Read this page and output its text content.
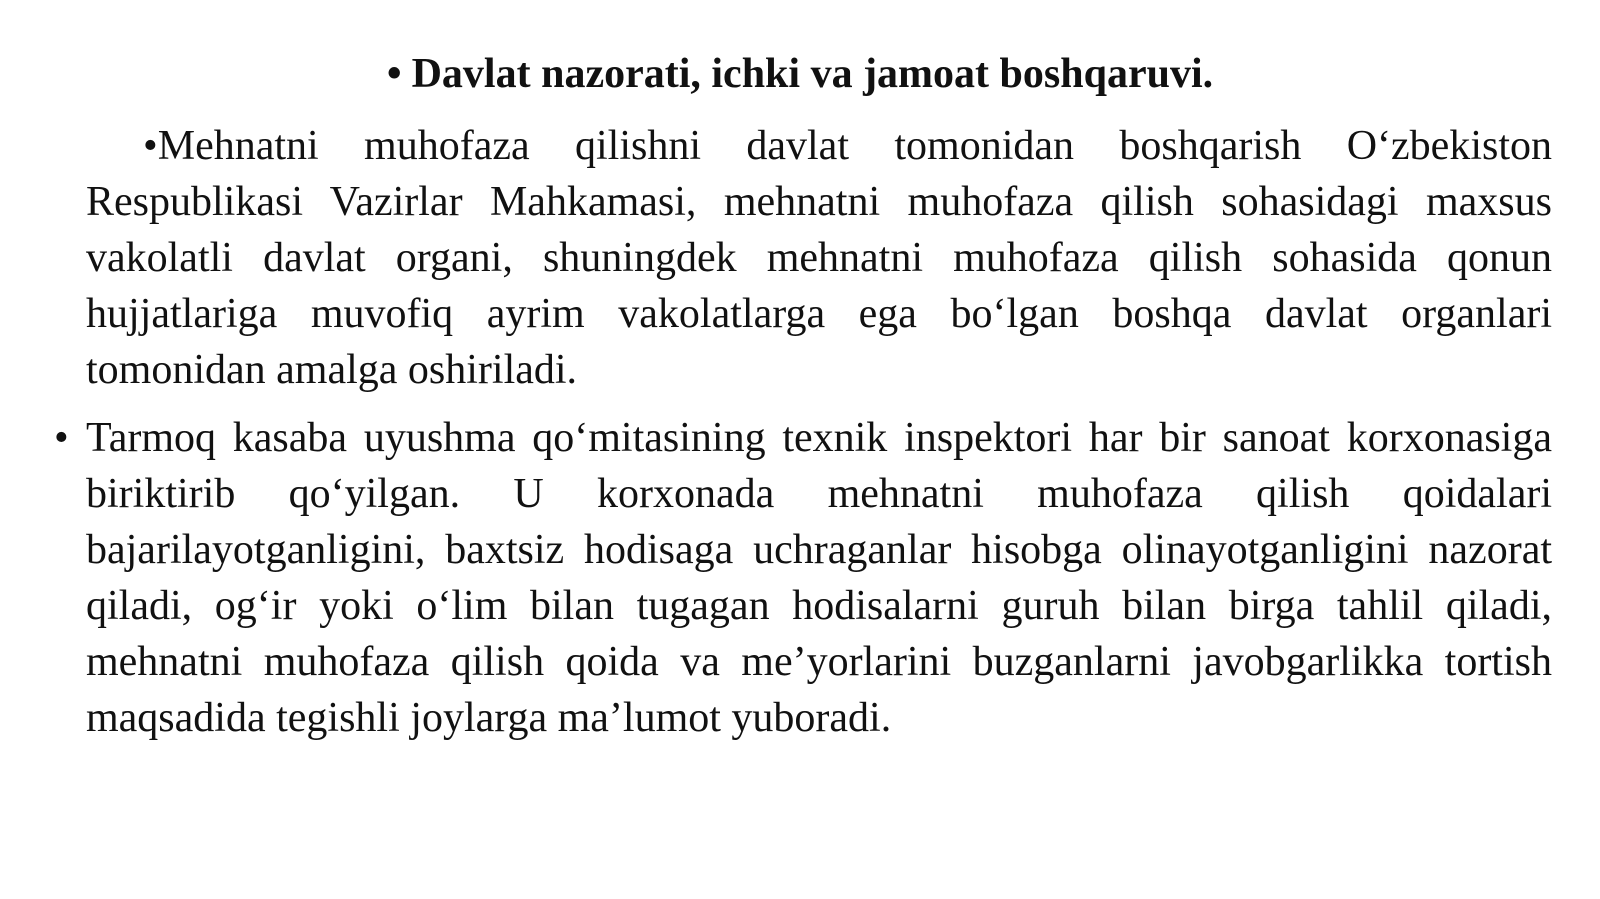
• Davlat nazorati, ichki va jamoat boshqaruvi.
•Mehnatni muhofaza qilishni davlat tomonidan boshqarish O‘zbekiston Respublikasi Vazirlar Mahkamasi, mehnatni muhofaza qilish sohasidagi maxsus vakolatli davlat organi, shuningdek mehnatni muhofaza qilish sohasida qonun hujjatlariga muvofiq ayrim vakolatlarga ega bo‘lgan boshqa davlat organlari tomonidan amalga oshiriladi.
• Tarmoq kasaba uyushma qo‘mitasining texnik inspektori har bir sanoat korxonasiga biriktirib qo‘yilgan. U korxonada mehnatni muhofaza qilish qoidalari bajarilayotganligini, baxtsiz hodisaga uchraganlar hisobga olinayotganligini nazorat qiladi, og‘ir yoki o‘lim bilan tugagan hodisalarni guruh bilan birga tahlil qiladi, mehnatni muhofaza qilish qoida va me’yorlarini buzganlarni javobgarlikka tortish maqsadida tegishli joylarga ma’lumot yuboradi.
